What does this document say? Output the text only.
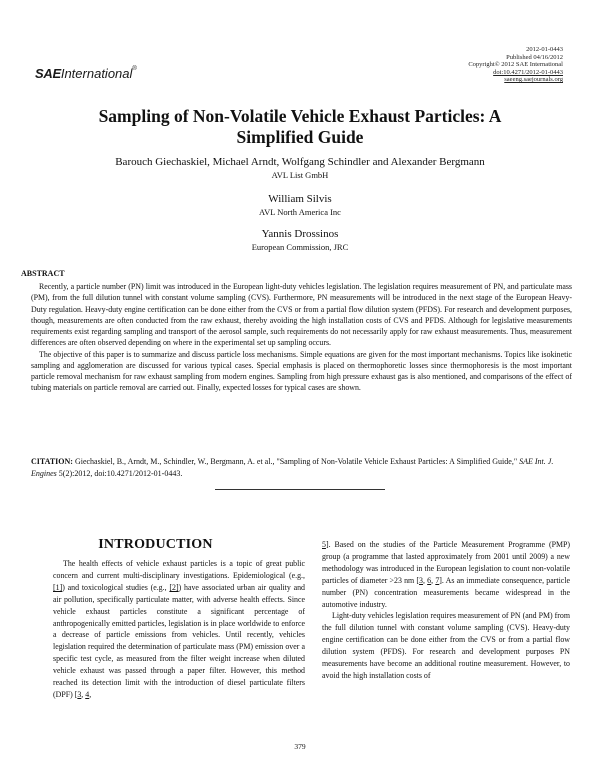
SAEInternational®
2012-01-0443
Published 04/16/2012
Copyright© 2012 SAE International
doi:10.4271/2012-01-0443
saeeng.saejournals.org
Sampling of Non-Volatile Vehicle Exhaust Particles: A
Simplified Guide
Barouch Giechaskiel, Michael Arndt, Wolfgang Schindler and Alexander Bergmann
AVL List GmbH
William Silvis
AVL North America Inc
Yannis Drossinos
European Commission, JRC
ABSTRACT

Recently, a particle number (PN) limit was introduced in the European light-duty vehicles legislation. The legislation requires measurement of PN, and particulate mass (PM), from the full dilution tunnel with constant volume sampling (CVS). Furthermore, PN measurements will be introduced in the next stage of the European Heavy-Duty regulation. Heavy-duty engine certification can be done either from the CVS or from a partial flow dilution system (PFDS). For research and development purposes, though, measurements are often conducted from the raw exhaust, thereby avoiding the high installation costs of CVS and PFDS. Although for legislative measurements requirements exist regarding sampling and transport of the aerosol sample, such requirements do not necessarily apply for raw exhaust measurements. Thus, measurement differences are often observed depending on where in the experimental set up sampling occurs.

The objective of this paper is to summarize and discuss particle loss mechanisms. Simple equations are given for the most important mechanisms. Topics like isokinetic sampling and agglomeration are discussed for various typical cases. Special emphasis is placed on thermophoretic losses since thermophoresis is the most important particle removal mechanism for raw exhaust sampling from modern engines. Sampling from high pressure exhaust gas is also mentioned, and comparisons of the effect of tubing materials on particle removal are carried out. Finally, expected losses for typical cases are shown.

CITATION: Giechaskiel, B., Arndt, M., Schindler, W., Bergmann, A. et al., "Sampling of Non-Volatile Vehicle Exhaust Particles: A Simplified Guide," SAE Int. J. Engines 5(2):2012, doi:10.4271/2012-01-0443.
INTRODUCTION

The health effects of vehicle exhaust particles is a topic of great public concern and current multi-disciplinary investigations. Epidemiological (e.g., [1]) and toxicological studies (e.g., [2]) have associated urban air quality and air pollution, specifically particulate matter, with adverse health effects. Since vehicle exhaust particles constitute a significant percentage of anthropogenically emitted particles, legislation is in place worldwide to enforce a decrease of particle emissions from vehicles. Until recently, vehicles legislation required the determination of particulate mass (PM) emission over a specific test cycle, as measured from the filter weight increase when diluted vehicle exhaust was passed through a paper filter. However, this method reached its detection limit with the introduction of diesel particulate filters (DPF) [3, 4,

5]. Based on the studies of the Particle Measurement Programme (PMP) group (a programme that lasted approximately from 2001 until 2009) a new methodology was introduced in the European legislation to count non-volatile particles of diameter >23 nm [3, 6, 7]. As an immediate consequence, particle number (PN) concentration measurements became widespread in the automotive industry.

Light-duty vehicles legislation requires measurement of PN (and PM) from the full dilution tunnel with constant volume sampling (CVS). Heavy-duty engine certification can be done either from the CVS or from a partial flow dilution system (PFDS). For research and development purposes PN measurements have become an additional routine measurement. However, to avoid the high installation costs of

379
